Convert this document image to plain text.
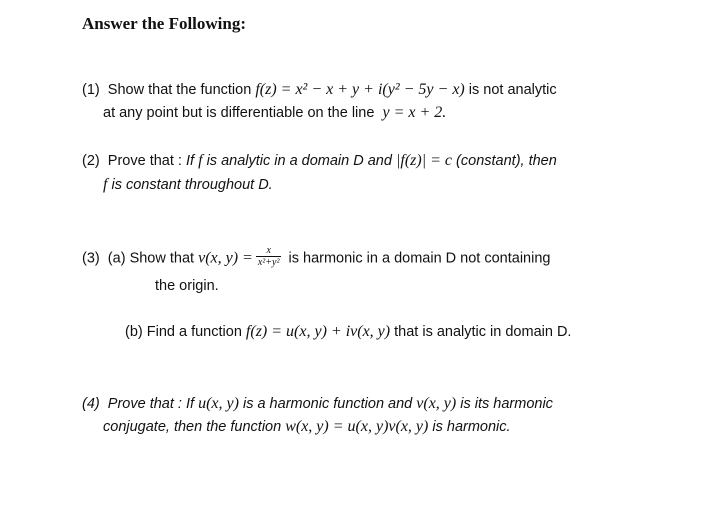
Answer the Following:
(1) Show that the function f(z) = x² − x + y + i(y² − 5y − x) is not analytic
at any point but is differentiable on the line y = x + 2.
(2) Prove that : If f is analytic in a domain D and |f(z)| = c (constant), then
f is constant throughout D.
(3) (a) Show that v(x, $y) = \frac{x}{\text{x²+y²}}$ is harmonic in a domain D not containing
the origin.
(b) Find a function f(z) = u(x, y) + iv(x, y) that is analytic in domain D.
(4) Prove that : If u(x, y) is a harmonic function and v(x, y) is its harmonic
conjugate, then the function w(x, y) = u(x, y)v(x, y) is harmonic.
